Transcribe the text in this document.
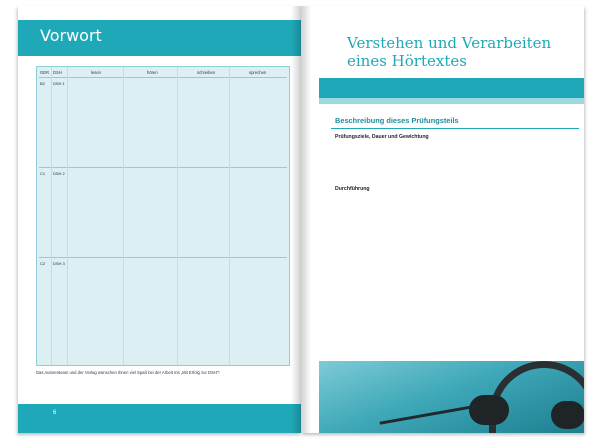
Vorwort
GER DSH	lesen	hören	schreiben	sprechen
B2 DSH 1
C1 DSH 2
C2 DSH 3
Das Autorenteam und der Verlag wünschen Ihnen viel Spaß bei der Arbeit mit „Mit Erfolg zur DSH"!
6
Verstehen und Verarbeiten eines Hörtextes
Beschreibung dieses Prüfungsteils
Prüfungsziele, Dauer und Gewichtung
Durchführung
